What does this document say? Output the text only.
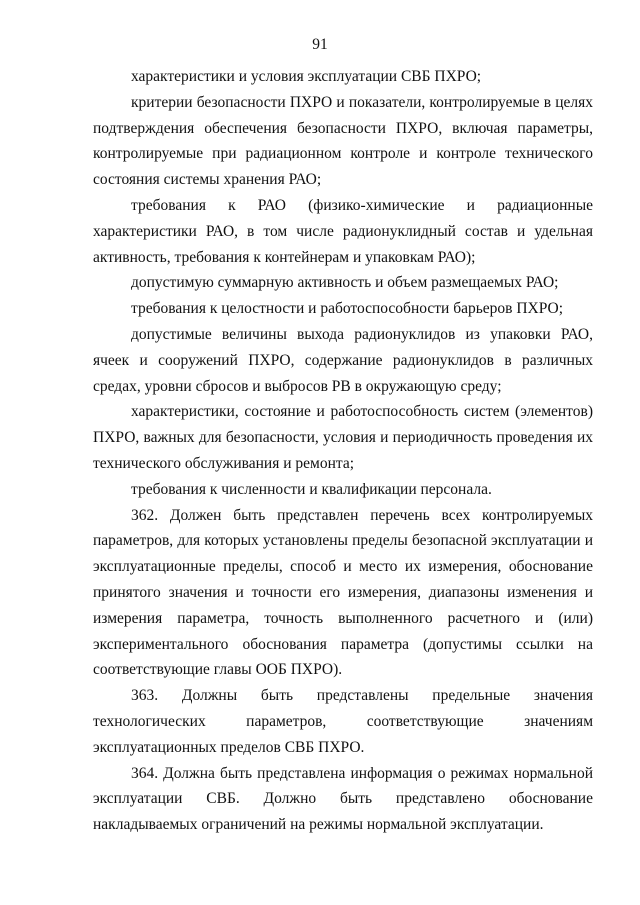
91

характеристики и условия эксплуатации СВБ ПХРО;

критерии безопасности ПХРО и показатели, контролируемые в целях подтверждения обеспечения безопасности ПХРО, включая параметры, контролируемые при радиационном контроле и контроле технического состояния системы хранения РАО;

требования к РАО (физико-химические и радиационные характеристики РАО, в том числе радионуклидный состав и удельная активность, требования к контейнерам и упаковкам РАО);

допустимую суммарную активность и объем размещаемых РАО;

требования к целостности и работоспособности барьеров ПХРО;

допустимые величины выхода радионуклидов из упаковки РАО, ячеек и сооружений ПХРО, содержание радионуклидов в различных средах, уровни сбросов и выбросов РВ в окружающую среду;

характеристики, состояние и работоспособность систем (элементов) ПХРО, важных для безопасности, условия и периодичность проведения их технического обслуживания и ремонта;

требования к численности и квалификации персонала.

362. Должен быть представлен перечень всех контролируемых параметров, для которых установлены пределы безопасной эксплуатации и эксплуатационные пределы, способ и место их измерения, обоснование принятого значения и точности его измерения, диапазоны изменения и измерения параметра, точность выполненного расчетного и (или) экспериментального обоснования параметра (допустимы ссылки на соответствующие главы ООБ ПХРО).

363. Должны быть представлены предельные значения технологических параметров, соответствующие значениям эксплуатационных пределов СВБ ПХРО.

364. Должна быть представлена информация о режимах нормальной эксплуатации СВБ. Должно быть представлено обоснование накладываемых ограничений на режимы нормальной эксплуатации.
